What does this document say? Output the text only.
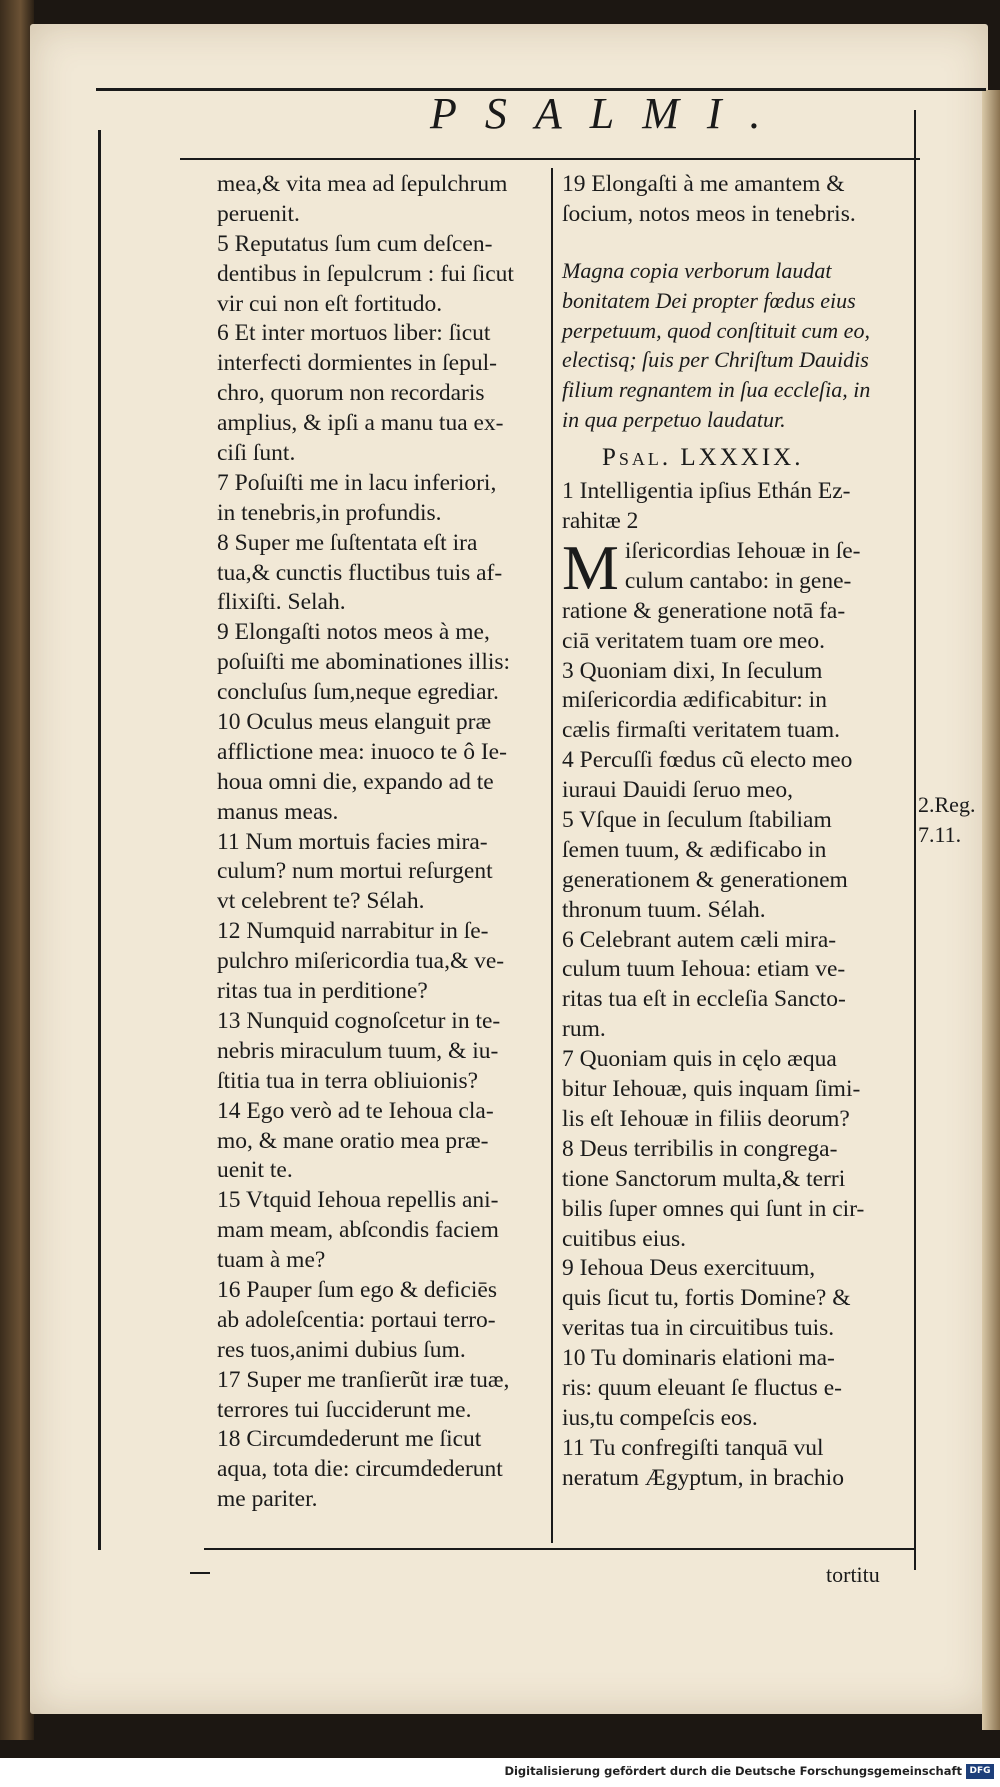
PSALMI.
mea,& vita mea ad ſepulchrum
peruenit.
5 Reputatus ſum cum deſcen-
dentibus in ſepulcrum : fui ſicut
vir cui non eſt fortitudo.
6 Et inter mortuos liber: ſicut
interfecti dormientes in ſepul-
chro, quorum non recordaris
amplius, & ipſi a manu tua ex-
ciſi ſunt.
7 Poſuiſti me in lacu inferiori,
in tenebris,in profundis.
8 Super me ſuſtentata eſt ira
tua,& cunctis fluctibus tuis af-
flixiſti. Selah.
9 Elongaſti notos meos à me,
poſuiſti me abominationes illis:
concluſus ſum,neque egrediar.
10 Oculus meus elanguit præ
afflictione mea: inuoco te ô Ie-
houa omni die, expando ad te
manus meas.
11 Num mortuis facies mira-
culum? num mortui reſurgent
vt celebrent te? Sélah.
12 Numquid narrabitur in ſe-
pulchro miſericordia tua,& ve-
ritas tua in perditione?
13 Nunquid cognoſcetur in te-
nebris miraculum tuum, & iu-
ſtitia tua in terra obliuionis?
14 Ego verò ad te Iehoua cla-
mo, & mane oratio mea præ-
uenit te.
15 Vtquid Iehoua repellis ani-
mam meam, abſcondis faciem
tuam à me?
16 Pauper ſum ego & deficiēs
ab adoleſcentia: portaui terro-
res tuos,animi dubius ſum.
17 Super me tranſierũt iræ tuæ,
terrores tui ſucciderunt me.
18 Circumdederunt me ſicut
aqua, tota die: circumdederunt
me pariter.
19 Elongaſti à me amantem &
ſocium, notos meos in tenebris.
Magna copia verborum laudat
bonitatem Dei propter fœdus eius
perpetuum, quod conſtituit cum eo,
electisq; ſuis per Chriſtum Dauidis
filium regnantem in ſua eccleſia, in
in qua perpetuo laudatur.
Psal. LXXXIX.
1 Intelligentia ipſius Ethán Ez-
rahitæ 2
M iſericordias Iehouæ in ſe-
culum cantabo: in gene-
ratione & generatione notā fa-
ciā veritatem tuam ore meo.
3 Quoniam dixi, In ſeculum
miſericordia ædificabitur: in
cælis firmaſti veritatem tuam.
4 Percuſſi fœdus cũ electo meo
iuraui Dauidi ſeruo meo,
5 Vſque in ſeculum ſtabiliam
ſemen tuum, & ædificabo in
generationem & generationem
thronum tuum. Sélah.
6 Celebrant autem cæli mira-
culum tuum Iehoua: etiam ve-
ritas tua eſt in eccleſia Sancto-
rum.
7 Quoniam quis in cęlo æqua
bitur Iehouæ, quis inquam ſimi-
lis eſt Iehouæ in filiis deorum?
8 Deus terribilis in congrega-
tione Sanctorum multa,& terri
bilis ſuper omnes qui ſunt in cir-
cuitibus eius.
9 Iehoua Deus exercituum,
quis ſicut tu, fortis Domine? &
veritas tua in circuitibus tuis.
10 Tu dominaris elationi ma-
ris: quum eleuant ſe fluctus e-
ius,tu compeſcis eos.
11 Tu confregiſti tanquā vul
neratum Ægyptum, in brachio
2.Reg.
7.11.
tortitu
Digitalisierung gefördert durch die Deutsche Forschungsgemeinschaft DFG
